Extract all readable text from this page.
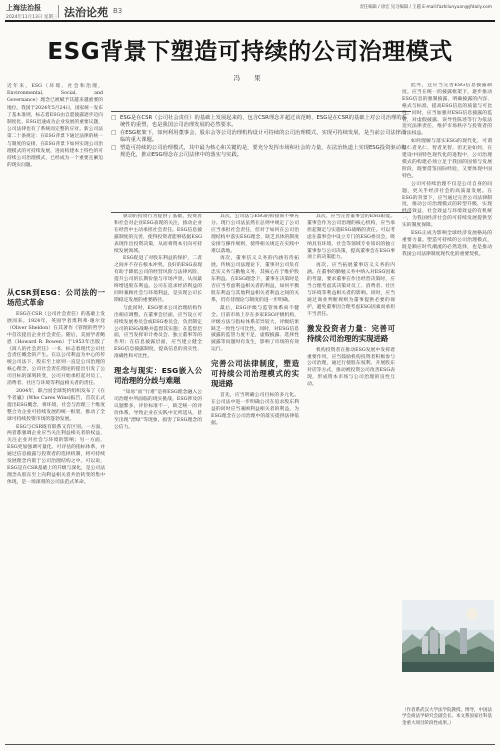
上海法治报
2024年11月13日 星期三 法治论苑 B3	责任编辑 / 徐宏 见习编辑 / 王越 E-mail:fazhilunyuan@jfdaily.com
ESG背景下塑造可持续的公司治理模式
冯 果
近年来，ESG（环境、社会和治理，Environmental, Social, and Governance）理念已被赋予其越来越重要的地位。我国于2024年5月24日，国家统一发布了基本准则，标志着ESG由自愿披露逐步迈向制度化。ESG迅速成为企业发展的重要议题，公司法律也有了系统而完整的应对。新公司法第二十条规定：在ESG背景下通过法律的统一与制度的安排，在ESG背景下如何实现公司治理模式的可持续发展，进而构建本土特色的可持续公司治理模式，已经成为一个重要且紧迫的现实问题。
□ ESG是在CSR（公司社会责任）的基础上发展起来的，包含CSR理念并超过该范畴，ESG是在CSR的基础上对公司治理的系统性的重塑，也是我国公司治理发展的必然要求。
□ 在ESG框架下，如何利用董事会、股东会等公司治理机构设计可持续的公司治理模式，实现可持续发展，是当前公司法律面临的重大课题。
□ 塑造可持续的公司治理模式，其中最为核心和关键的是，要充分发挥市场和社会的力量，在法治轨道上实现ESG投资驱动和规范化，推动ESG理念在公司法律中的落实与实践。
从CSR到ESG：公司法的一场范式革命

ESG在CSR（公司社会责任）的基础上发展而来。1924年，英国学者奥利弗·谢尔登（Oliver Sheldon）在其著作《管理的哲学》中首次提出企业社会责任。随后，美国学者鲍恩（Howard R. Bowen）于1953年出版了《商人的社会责任》一书，标志着现代公司社会责任概念的产生。在以公司利益为中心的传统公司法下，股东至上原则一直是公司治理的核心理念，公司社会责任理论的提出引发了公司目标的深刻转变，公司开始承担起对员工、消费者、社区与环境等利益相关者的责任。

2004年，联合国全球契约组织发布了《在乎者赢》(Who Cares Wins)报告，首次正式提出ESG概念，将环境、社会与治理三个维度整合为企业可持续发展的统一框架，推动了全球可持续投资市场的蓬勃发展。

ESG与CSR既有联系又有区别。一方面，两者都强调企业应当关注利益相关者的权益，关注企业对社会与环境的影响；另一方面，ESG更加强调可量化、可评估的指标体系，并通过信息披露与投资者的选择机制，将可持续发展理念内嵌于公司治理结构之中。可以说，ESG是在CSR基础上的升级与深化，是公司法理念从股东至上向利益相关者共治转变的集中体现，是一场深刻的公司法范式革命。

驱动的投资行为提供了基础，投资者和社会对企业ESG表现的关注，推动企业在经营中主动承担社会责任。ESG信息披露制度的完善，使得投资者能够依据ESG表现作出投资决策，从而将资本引向可持续发展领域。

ESG促进了对股东利益的保护，二者之间并不存在根本冲突。良好的ESG表现有助于降低公司的经营风险与法律风险，提升公司的长期价值与市场声誉，从而最终增进股东利益。公司在追求经济利益的同时兼顾社会与环境利益，是实现公司长期稳定发展的重要路径。

与此同时，ESG要求公司治理结构作出相应调整。在董事会层面，应当设立可持续发展委员会或ESG委员会，负责制定公司的ESG战略并监督其实施；在监督层面，应当发挥审计委员会、独立董事等的作用；在信息披露层面，应当建立健全ESG信息披露制度，提高信息的真实性、准确性和可比性。

理念与现实：ESG嵌入公司治理的分歧与难题

“知易”而“行难”是将ESG理念融入公司治理中所面临的现实挑战。ESG涉及的议题繁多，评价标准不一，缺乏统一的评价体系，导致企业在实践中无所适从，甚至出现“漂绿”等现象，损害了ESG理念的公信力。

其次，公司法与ESG的衔接尚不够充分。现行公司法虽然在总则中规定了公司应当承担社会责任，但对于如何在公司治理结构中落实ESG理念，缺乏具体的制度安排与操作规则，使得相关规定在实践中难以落地。

再次，董事信义义务的内涵有待拓展。传统公司法理论下，董事对公司负有忠实义务与勤勉义务，其核心在于维护股东利益。在ESG理念下，董事在决策时是否应当考虑利益相关者的利益，如何平衡股东利益与其他利益相关者利益之间的关系，仍有待理论与制度的进一步明确。

最后，ESG评级与监管体系尚不健全。目前市场上存在多家ESG评级机构，评级方法与指标体系差异较大，评级结果缺乏一致性与可比性。同时，对ESG信息披露的监管力度不足，虚假披露、选择性披露等问题时有发生，影响了市场的有效运行。

完善公司法律制度，塑造可持续公司治理模式的实现进路

首先，应当明确公司目标的多元化。在公司法中进一步明确公司在追求股东利益的同时应当兼顾利益相关者的利益，为ESG理念在公司治理中的落实提供法律依据。

其次，应当完善董事会的ESG职能。董事会作为公司治理的核心机构，应当承担起制定与实施ESG战略的责任。可以考虑在董事会中设立专门的ESG委员会，吸纳具有环境、社会等领域专业知识的独立董事参与公司决策，提高董事会在ESG事项上的决策能力。

再次，应当拓展董事信义义务的内涵。在董事的勤勉义务中纳入对ESG因素的考量，要求董事在作出经营决策时，应当合理考虑其决策对员工、消费者、社区与环境等利益相关者的影响。同时，应当通过商业判断规则为董事提供必要的保护，避免董事因合理考虑ESG因素而承担不当责任。

激发投资者力量：完善可持续公司治理的实现进路

机构投资者在推动ESG发展中发挥着重要作用。应当鼓励机构投资者积极参与公司治理，通过行使股东权利、开展股东对话等方式，推动被投资公司改善ESG表现，形成资本市场与公司治理的良性互动。

此外，还应当完善ESG信息披露制度。应当在统一的披露框架下，逐步推动ESG信息的强制披露，明确披露的内容、格式与标准，提高ESG信息的质量与可比性。同时，应当加强对ESG信息披露的监管，对虚假披露、误导性陈述等行为依法追究法律责任，维护市场秩序与投资者的合法权益。

如何理解与落实ESG的现代化，可谓是仁者见仁、智者见智。但无论如何，在建设中国特色现代化的进程中，公司治理模式的构建必须立足于我国的国情与发展阶段，既要借鉴国际经验，又要体现中国特色。

公司可持续治理不仅是公司自身的问题，更关乎经济社会的高质量发展。在ESG的背景下，应当通过完善公司法律制度，推动公司治理模式的转型升级，实现经济效益、社会效益与环境效益的有机统一，为我国经济社会的可持续发展提供坚实的制度保障。

ESG正成为影响全球经济发展格局的重要力量。塑造可持续的公司治理模式，既是顺应时代潮流的必然选择，也是推动我国公司法律制度现代化的重要契机。

（作者系武汉大学法学院教授、博导，中国法学会商法学研究会副会长。本文系国家社科基金重大项目阶段性成果。）
